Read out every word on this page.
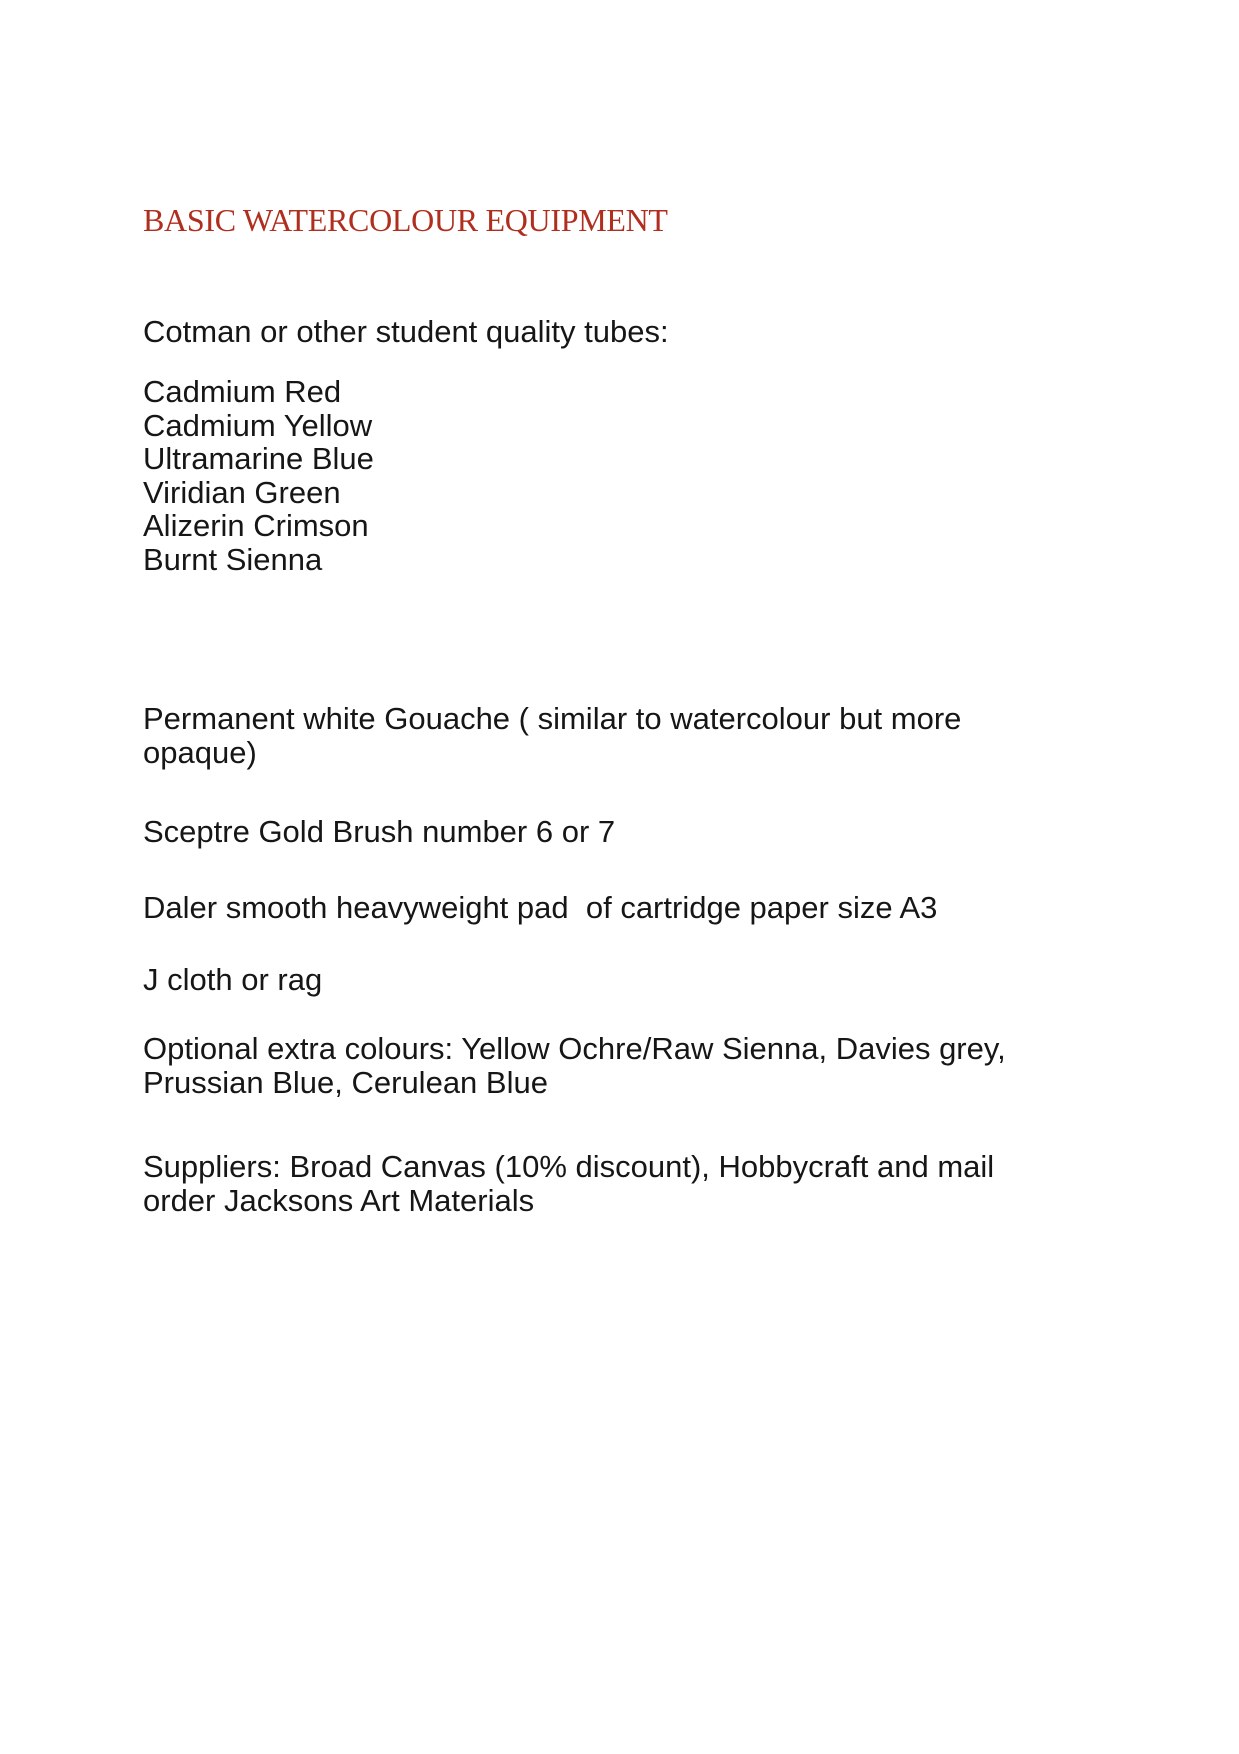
BASIC WATERCOLOUR EQUIPMENT
Cotman or other student quality tubes:
Cadmium Red
Cadmium Yellow
Ultramarine Blue
Viridian Green
Alizerin Crimson
Burnt Sienna
Permanent white Gouache ( similar to watercolour but more
opaque)
Sceptre Gold Brush number 6 or 7
Daler smooth heavyweight pad  of cartridge paper size A3
J cloth or rag
Optional extra colours: Yellow Ochre/Raw Sienna, Davies grey,
Prussian Blue, Cerulean Blue
Suppliers: Broad Canvas (10% discount), Hobbycraft and mail
order Jacksons Art Materials
